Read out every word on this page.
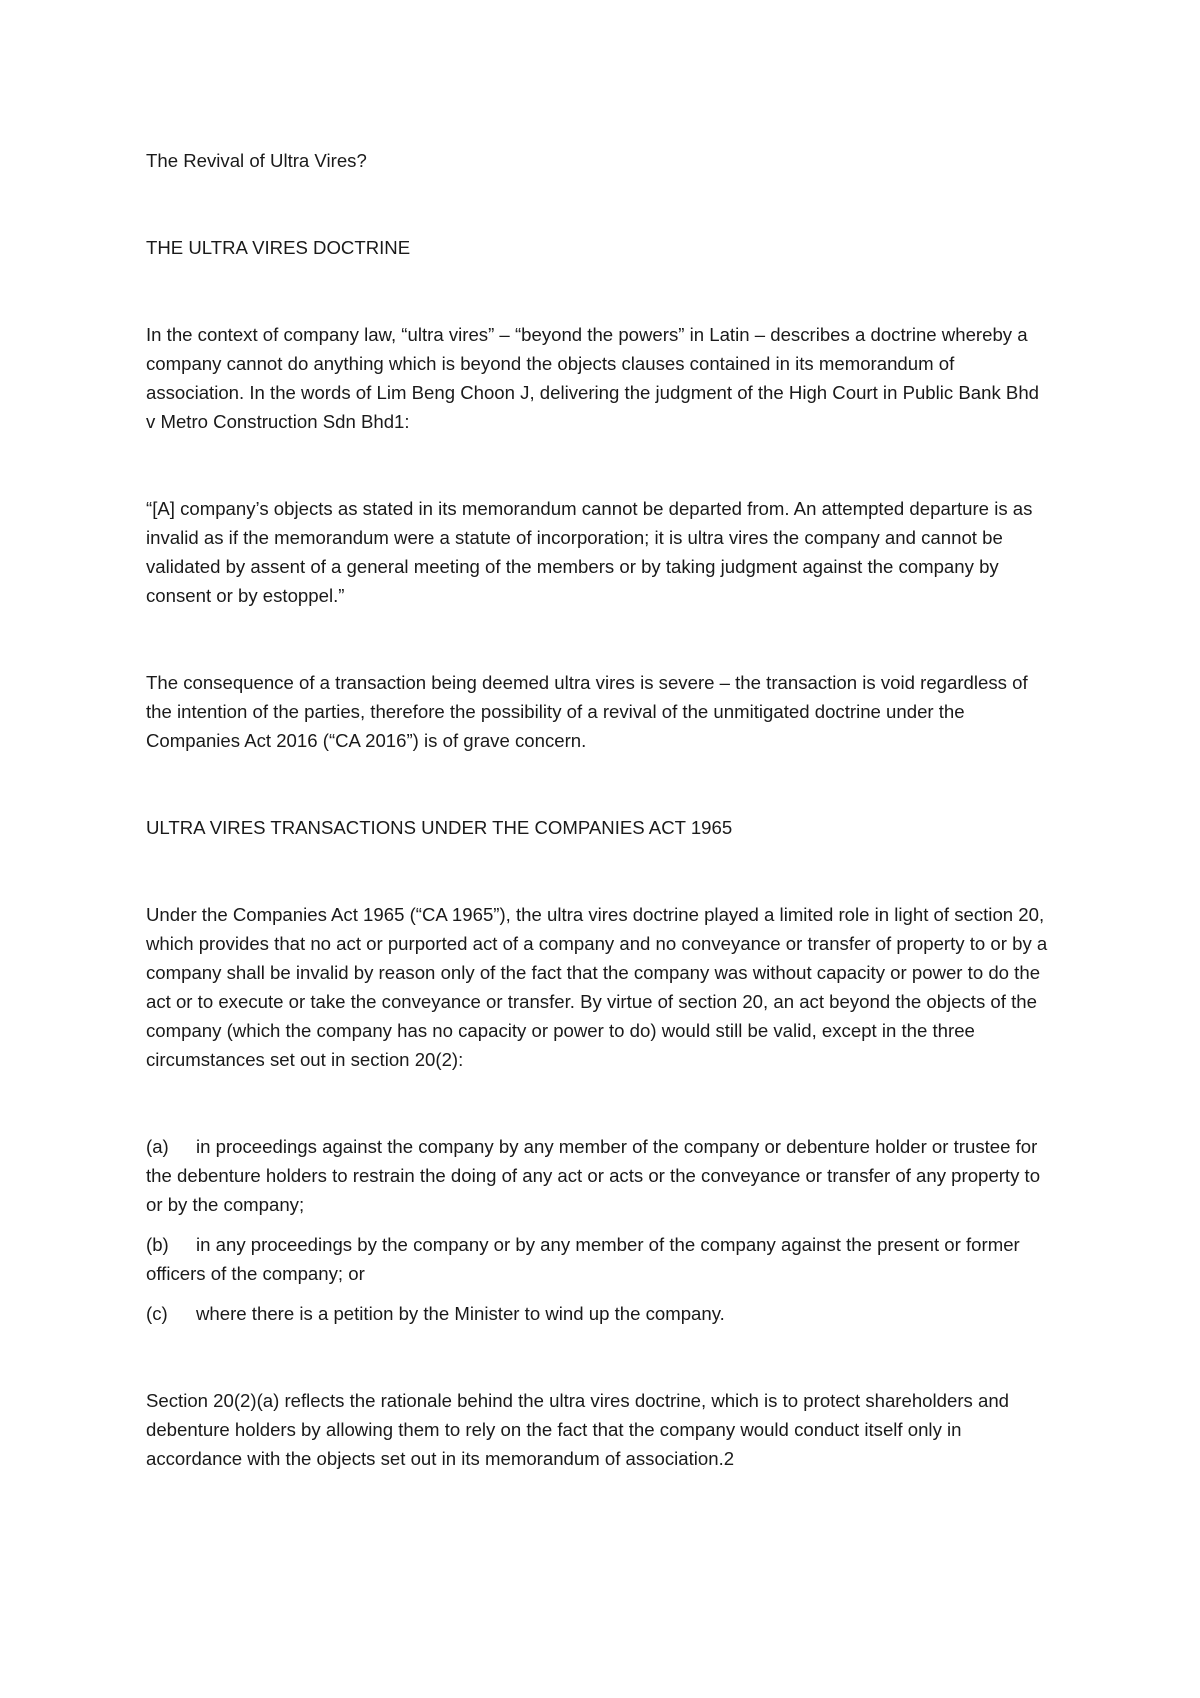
The Revival of Ultra Vires?

THE ULTRA VIRES DOCTRINE

In the context of company law, “ultra vires” – “beyond the powers” in Latin – describes a doctrine whereby a company cannot do anything which is beyond the objects clauses contained in its memorandum of association. In the words of Lim Beng Choon J, delivering the judgment of the High Court in Public Bank Bhd v Metro Construction Sdn Bhd1:

“[A] company’s objects as stated in its memorandum cannot be departed from. An attempted departure is as invalid as if the memorandum were a statute of incorporation; it is ultra vires the company and cannot be validated by assent of a general meeting of the members or by taking judgment against the company by consent or by estoppel.”

The consequence of a transaction being deemed ultra vires is severe – the transaction is void regardless of the intention of the parties, therefore the possibility of a revival of the unmitigated doctrine under the Companies Act 2016 (“CA 2016”) is of grave concern.

ULTRA VIRES TRANSACTIONS UNDER THE COMPANIES ACT 1965

Under the Companies Act 1965 (“CA 1965”), the ultra vires doctrine played a limited role in light of section 20, which provides that no act or purported act of a company and no conveyance or transfer of property to or by a company shall be invalid by reason only of the fact that the company was without capacity or power to do the act or to execute or take the conveyance or transfer. By virtue of section 20, an act beyond the objects of the company (which the company has no capacity or power to do) would still be valid, except in the three circumstances set out in section 20(2):

(a) in proceedings against the company by any member of the company or debenture holder or trustee for the debenture holders to restrain the doing of any act or acts or the conveyance or transfer of any property to or by the company;

(b) in any proceedings by the company or by any member of the company against the present or former officers of the company; or

(c) where there is a petition by the Minister to wind up the company.

Section 20(2)(a) reflects the rationale behind the ultra vires doctrine, which is to protect shareholders and debenture holders by allowing them to rely on the fact that the company would conduct itself only in accordance with the objects set out in its memorandum of association.2
